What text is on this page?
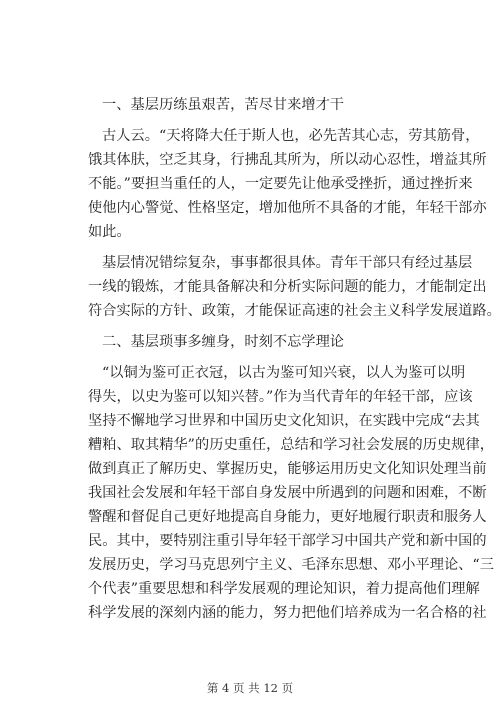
一、基层历练虽艰苦，苦尽甘来增才干
古人云。“天将降大任于斯人也，必先苦其心志，劳其筋骨，
饿其体肤，空乏其身，行拂乱其所为，所以动心忍性，增益其所
不能。”要担当重任的人，一定要先让他承受挫折，通过挫折来
使他内心警觉、性格坚定，增加他所不具备的才能，年轻干部亦
如此。
基层情况错综复杂，事事都很具体。青年干部只有经过基层
一线的锻炼，才能具备解决和分析实际问题的能力，才能制定出
符合实际的方针、政策，才能保证高速的社会主义科学发展道路。
二、基层琐事多缠身，时刻不忘学理论
“以铜为鉴可正衣冠，以古为鉴可知兴衰，以人为鉴可以明
得失，以史为鉴可以知兴替。”作为当代青年的年轻干部，应该
坚持不懈地学习世界和中国历史文化知识，在实践中完成“去其
糟粕、取其精华”的历史重任，总结和学习社会发展的历史规律，
做到真正了解历史、掌握历史，能够运用历史文化知识处理当前
我国社会发展和年轻干部自身发展中所遇到的问题和困难，不断
警醒和督促自己更好地提高自身能力，更好地履行职责和服务人
民。其中，要特别注重引导年轻干部学习中国共产党和新中国的
发展历史，学习马克思列宁主义、毛泽东思想、邓小平理论、“三
个代表”重要思想和科学发展观的理论知识，着力提高他们理解
科学发展的深刻内涵的能力，努力把他们培养成为一名合格的社
第 4 页 共 12 页
